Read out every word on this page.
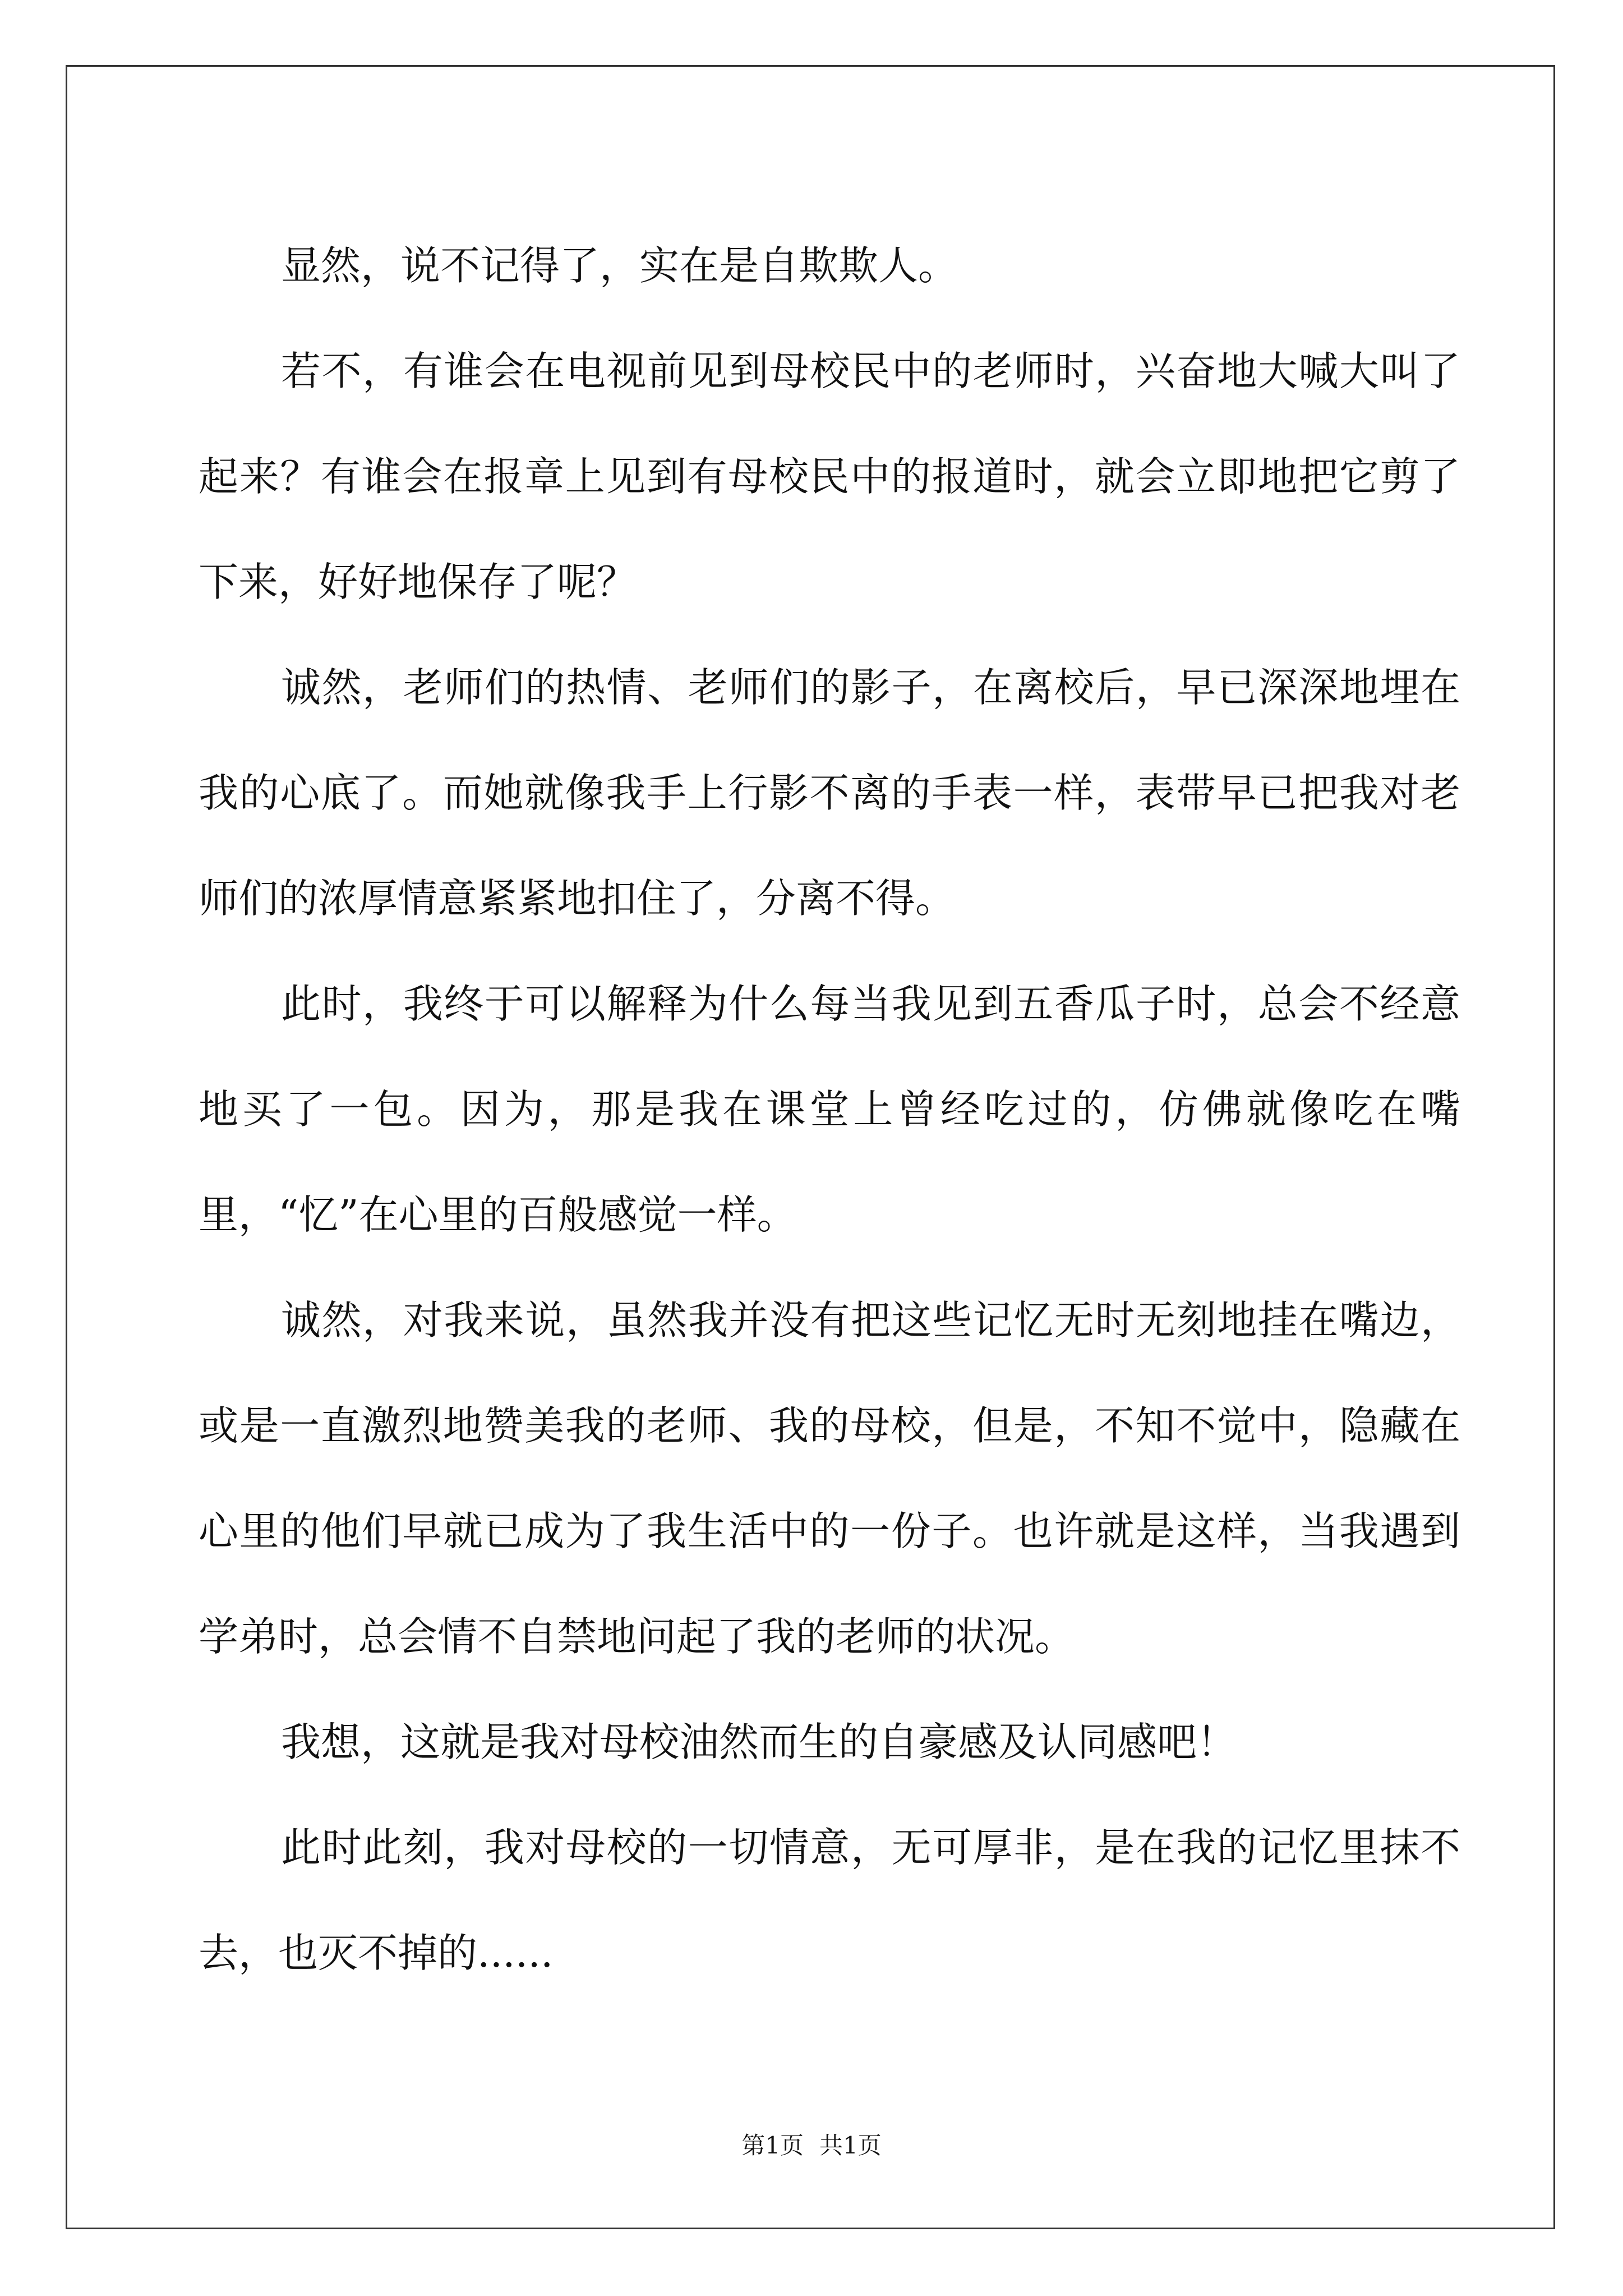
显然，说不记得了，实在是自欺欺人。

若不，有谁会在电视前见到母校民中的老师时，兴奋地大喊大叫了起来？有谁会在报章上见到有母校民中的报道时，就会立即地把它剪了下来，好好地保存了呢？

诚然，老师们的热情、老师们的影子，在离校后，早已深深地埋在我的心底了。而她就像我手上行影不离的手表一样，表带早已把我对老师们的浓厚情意紧紧地扣住了，分离不得。

此时，我终于可以解释为什么每当我见到五香瓜子时，总会不经意地买了一包。因为，那是我在课堂上曾经吃过的，仿佛就像吃在嘴里，“忆”在心里的百般感觉一样。

诚然，对我来说，虽然我并没有把这些记忆无时无刻地挂在嘴边，或是一直激烈地赞美我的老师、我的母校，但是，不知不觉中，隐藏在心里的他们早就已成为了我生活中的一份子。也许就是这样，当我遇到学弟时，总会情不自禁地问起了我的老师的状况。

我想，这就是我对母校油然而生的自豪感及认同感吧！

此时此刻，我对母校的一切情意，无可厚非，是在我的记忆里抹不去，也灭不掉的......

第1页 共1页
